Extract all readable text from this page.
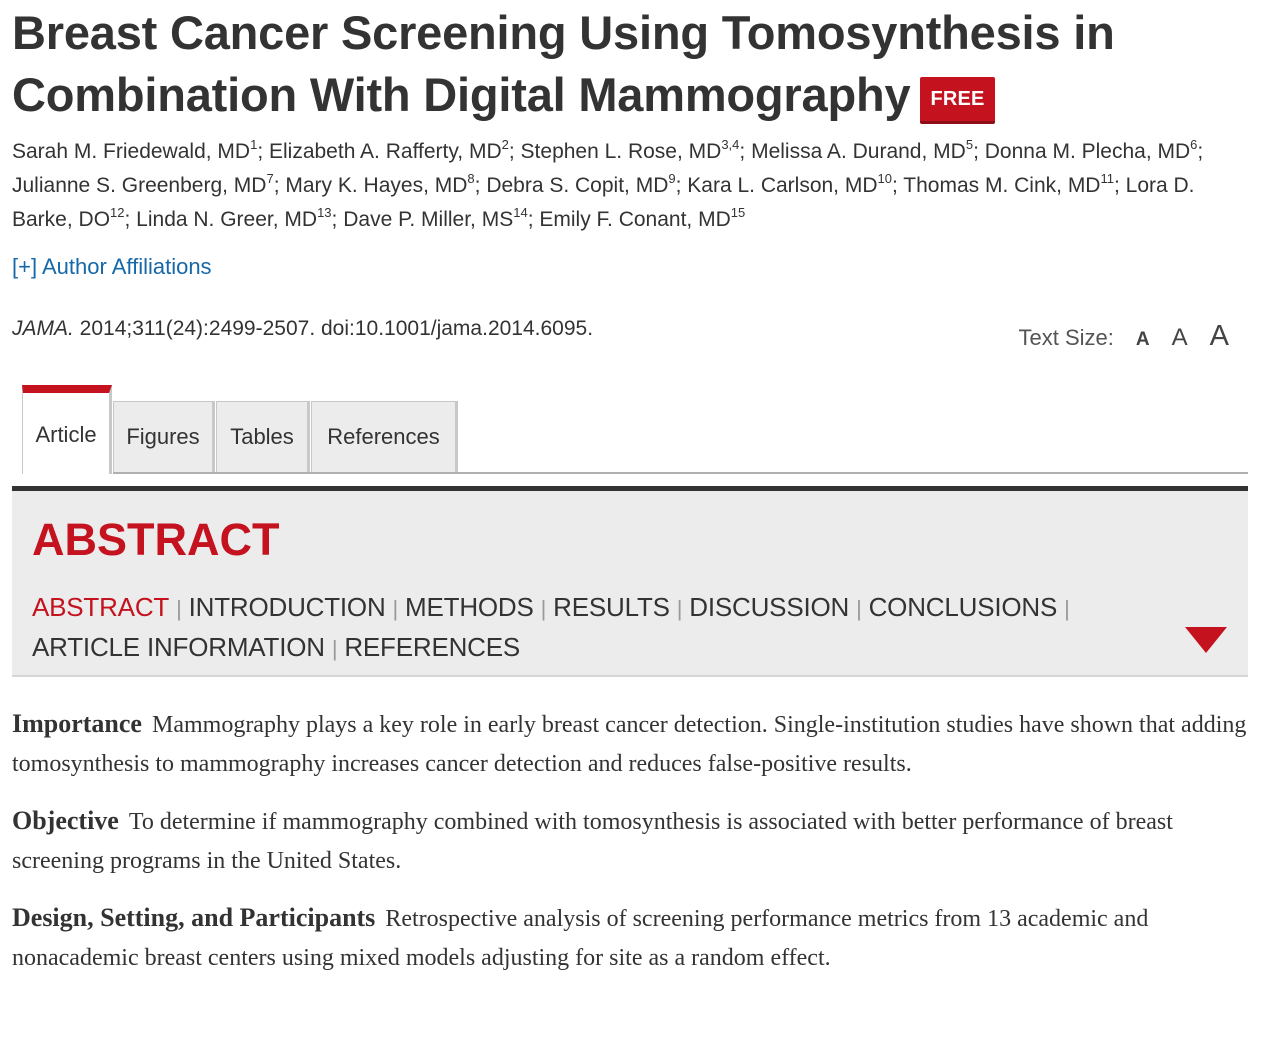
Breast Cancer Screening Using Tomosynthesis in Combination With Digital Mammography FREE

Sarah M. Friedewald, $MD^1$; Elizabeth A. Rafferty, $MD^2$; Stephen L. Rose, MD$^{3,4}$; Melissa A. Durand, $MD^5$; Donna M. Plecha, $MD^6$; Julianne S. Greenberg, $MD^7$; Mary K. Hayes, $MD^8$; Debra S. Copit, $MD^9$; Kara L. Carlson, MD$^{10}$; Thomas M. Cink, MD$^{11}$; Lora D. Barke, DO$^{12}$; Linda N. Greer, MD$^{13}$; Dave P. Miller, MS$^{14}$; Emily F. Conant, MD$^{15}$

[+] Author Affiliations
JAMA. 2014;311(24):2499-2507. doi:10.1001/jama.2014.6095.	Text Size: A A A
Article	Figures	Tables	References
ABSTRACT
ABSTRACT | INTRODUCTION | METHODS | RESULTS | DISCUSSION | CONCLUSIONS |
ARTICLE INFORMATION | REFERENCES

Importance Mammography plays a key role in early breast cancer detection. Single-institution studies have shown that adding tomosynthesis to mammography increases cancer detection and reduces false-positive results.

Objective To determine if mammography combined with tomosynthesis is associated with better performance of breast screening programs in the United States.

Design, Setting, and Participants Retrospective analysis of screening performance metrics from 13 academic and nonacademic breast centers using mixed models adjusting for site as a random effect.
